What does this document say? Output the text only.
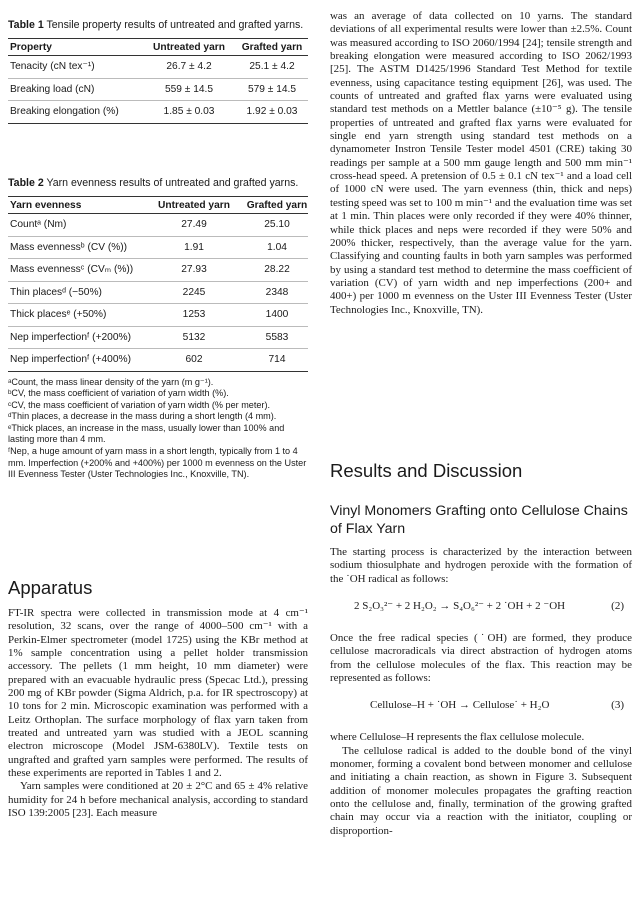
Table 1 Tensile property results of untreated and grafted yarns.

Property	Untreated yarn	Grafted yarn
Tenacity (cN tex⁻¹)	26.7 ± 4.2	25.1 ± 4.2
Breaking load (cN)	559 ± 14.5	579 ± 14.5
Breaking elongation (%)	1.85 ± 0.03	1.92 ± 0.03

Table 2 Yarn evenness results of untreated and grafted yarns.

Yarn evenness	Untreated yarn	Grafted yarn
Countᵃ (Nm)	27.49	25.10
Mass evennessᵇ (CV (%))	1.91	1.04
Mass evennessᶜ (CVₘ (%))	27.93	28.22
Thin placesᵈ (−50%)	2245	2348
Thick placesᵉ (+50%)	1253	1400
Nep imperfectionᶠ (+200%)	5132	5583
Nep imperfectionᶠ (+400%)	602	714

ᵃCount, the mass linear density of the yarn (m g⁻¹).

ᵇCV, the mass coefficient of variation of yarn width (%).

ᶜCV, the mass coefficient of variation of yarn width (% per meter).

ᵈThin places, a decrease in the mass during a short length (4 mm).

ᵉThick places, an increase in the mass, usually lower than 100% and lasting more than 4 mm.

ᶠNep, a huge amount of yarn mass in a short length, typically from 1 to 4 mm. Imperfection (+200% and +400%) per 1000 m evenness on the Uster III Evenness Tester (Uster Technologies Inc., Knoxville, TN).

Apparatus

FT-IR spectra were collected in transmission mode at 4 cm⁻¹ resolution, 32 scans, over the range of 4000–500 cm⁻¹ with a Perkin-Elmer spectrometer (model 1725) using the KBr method at 1% sample concentration using a pellet holder transmission accessory. The pellets (1 mm height, 10 mm diameter) were prepared with an evacuable hydraulic press (Specac Ltd.), pressing 200 mg of KBr powder (Sigma Aldrich, p.a. for IR spectroscopy) at 10 tons for 2 min. Microscopic examination was performed with a Leitz Orthoplan. The surface morphology of flax yarn taken from treated and untreated yarn was studied with a JEOL scanning electron microscope (Model JSM-6380LV). Textile tests on ungrafted and grafted yarn samples were performed. The results of these experiments are reported in Tables 1 and 2.

Yarn samples were conditioned at 20 ± 2°C and 65 ± 4% relative humidity for 24 h before mechanical analysis, according to standard ISO 139:2005 [23]. Each measure

was an average of data collected on 10 yarns. The standard deviations of all experimental results were lower than ±2.5%. Count was measured according to ISO 2060/1994 [24]; tensile strength and breaking elongation were measured according to ISO 2062/1993 [25]. The ASTM D1425/1996 Standard Test Method for textile evenness, using capacitance testing equipment [26], was used. The counts of untreated and grafted flax yarns were evaluated using standard test methods on a Mettler balance (±10⁻⁵ g). The tensile properties of untreated and grafted flax yarns were evaluated for single end yarn strength using standard test methods on a dynamometer Instron Tensile Tester model 4501 (CRE) taking 30 readings per sample at a 500 mm gauge length and 500 mm min⁻¹ cross-head speed. A pretension of 0.5 ± 0.1 cN tex⁻¹ and a load cell of 1000 cN were used. The yarn evenness (thin, thick and neps) testing speed was set to 100 m min⁻¹ and the evaluation time was set at 1 min. Thin places were only recorded if they were 40% thinner, while thick places and neps were recorded if they were 50% and 200% thicker, respectively, than the average value for the yarn. Classifying and counting faults in both yarn samples was performed by using a standard test method to determine the mass coefficient of variation (CV) of yarn width and nep imperfections (200+ and 400+) per 1000 m evenness on the Uster III Evenness Tester (Uster Technologies Inc., Knoxville, TN).

Results and Discussion
Vinyl Monomers Grafting onto Cellulose Chains of Flax Yarn

The starting process is characterized by the interaction between sodium thiosulphate and hydrogen peroxide with the formation of the ˙OH radical as follows:

2 S₂O₃²⁻ + 2 H₂O₂ → S₄O₆²⁻ + 2 ˙OH + 2 ⁻OH	(2)

Once the free radical species (˙OH) are formed, they produce cellulose macroradicals via direct abstraction of hydrogen atoms from the cellulose molecules of the flax. This reaction may be represented as follows:

Cellulose–H + ˙OH → Cellulose˙ + H₂O	(3)

where Cellulose–H represents the flax cellulose molecule.

The cellulose radical is added to the double bond of the vinyl monomer, forming a covalent bond between monomer and cellulose and initiating a chain reaction, as shown in Figure 3. Subsequent addition of monomer molecules propagates the grafting reaction onto the cellulose and, finally, termination of the growing grafted chain may occur via a reaction with the initiator, coupling or disproportion-
